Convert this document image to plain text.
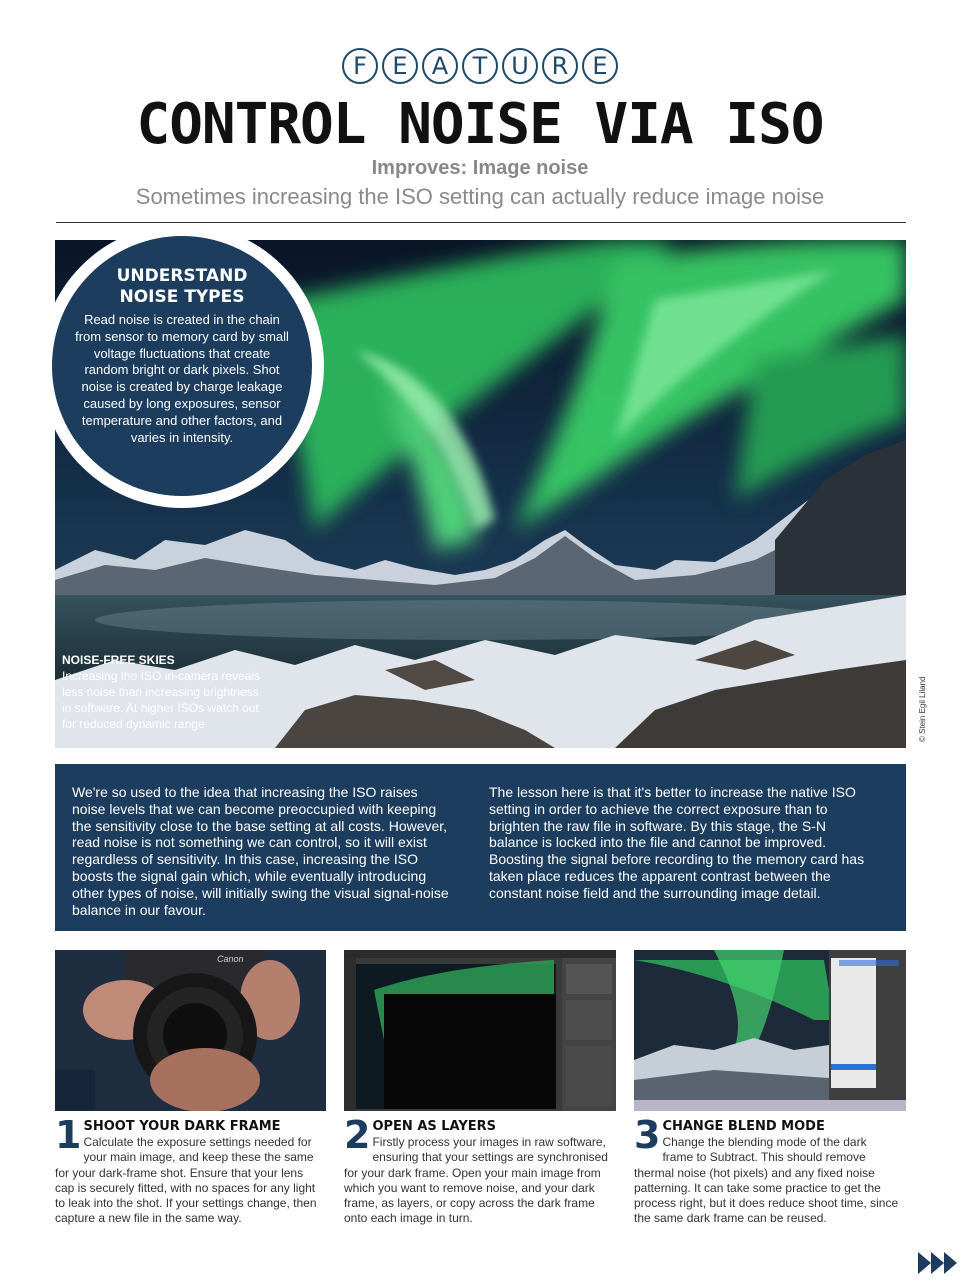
F	E	A	T U R	E
CONTROL NOISE VIA ISO
Improves: Image noise
Sometimes increasing the ISO setting can actually reduce image noise
© Stein Egil Liland
UNDERSTAND
NOISE TYPES
Read noise is created in the chain from sensor to memory card by small voltage fluctuations that create random bright or dark pixels. Shot noise is created by charge leakage caused by long exposures, sensor temperature and other factors, and varies in intensity.
NOISE-FREE SKIES
Increasing the ISO in-camera reveals less noise than increasing brightness in software. At higher ISOs watch out for reduced dynamic range
We're so used to the idea that increasing the ISO raises noise levels that we can become preoccupied with keeping the sensitivity close to the base setting at all costs. However, read noise is not something we can control, so it will exist regardless of sensitivity. In this case, increasing the ISO boosts the signal gain which, while eventually introducing other types of noise, will initially swing the visual signal-noise balance in our favour.
The lesson here is that it's better to increase the native ISO setting in order to achieve the correct exposure than to brighten the raw file in software. By this stage, the S-N balance is locked into the file and cannot be improved. Boosting the signal before recording to the memory card has taken place reduces the apparent contrast between the constant noise field and the surrounding image detail.
Canon
1 SHOOT YOUR DARK FRAME
Calculate the exposure settings needed for your main image, and keep these the same for your dark-frame shot. Ensure that your lens cap is securely fitted, with no spaces for any light to leak into the shot. If your settings change, then capture a new file in the same way.
2 OPEN AS LAYERS
Firstly process your images in raw software, ensuring that your settings are synchronised for your dark frame. Open your main image from which you want to remove noise, and your dark frame, as layers, or copy across the dark frame onto each image in turn.
3 CHANGE BLEND MODE
Change the blending mode of the dark frame to Subtract. This should remove thermal noise (hot pixels) and any fixed noise patterning. It can take some practice to get the process right, but it does reduce shoot time, since the same dark frame can be reused.
